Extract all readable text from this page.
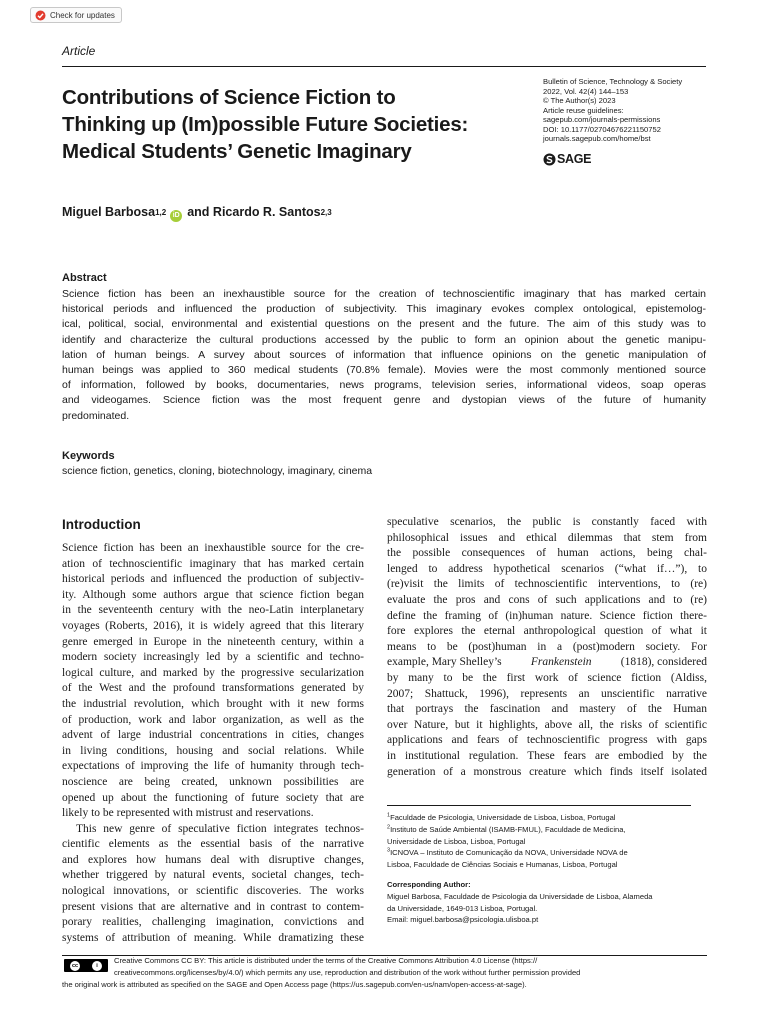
Check for updates
Article
Contributions of Science Fiction to
Thinking up (Im)possible Future Societies:
Medical Students’ Genetic Imaginary
Bulletin of Science, Technology & Society
2022, Vol. 42(4) 144–153
© The Author(s) 2023
Article reuse guidelines:
sagepub.com/journals-permissions
DOI: 10.1177/02704676221150752
journals.sagepub.com/home/bst
SAGE
Miguel Barbosa$^{1,2}$ iD and
Ricardo R. Santos$^{2,3}$
Abstract
Science fiction has been an inexhaustible source for the creation of technoscientific imaginary that has marked certain
historical periods and influenced the production of subjectivity. This imaginary evokes complex ontological, epistemolog-
ical, political, social, environmental and existential questions on the present and the future. The aim of this study was to
identify and characterize the cultural productions accessed by the public to form an opinion about the genetic manipu-
lation of human beings. A survey about sources of information that influence opinions on the genetic manipulation of
human beings was applied to 360 medical students (70.8% female). Movies were the most commonly mentioned source
of information, followed by books, documentaries, news programs, television series, informational videos, soap operas
and videogames. Science fiction was the most frequent genre and dystopian views of the future of humanity
predominated.
Keywords
science fiction, genetics, cloning, biotechnology, imaginary, cinema
Introduction
Science fiction has been an inexhaustible source for the cre-
ation of technoscientific imaginary that has marked certain
historical periods and influenced the production of subjectiv-
ity. Although some authors argue that science fiction began
in the seventeenth century with the neo-Latin interplanetary
voyages (Roberts, 2016), it is widely agreed that this literary
genre emerged in Europe in the nineteenth century, within a
modern society increasingly led by a scientific and techno-
logical culture, and marked by the progressive secularization
of the West and the profound transformations generated by
the industrial revolution, which brought with it new forms
of production, work and labor organization, as well as the
advent of large industrial concentrations in cities, changes
in living conditions, housing and social relations. While
expectations of improving the life of humanity through tech-
noscience are being created, unknown possibilities are
opened up about the functioning of future society that are
likely to be represented with mistrust and reservations.
This new genre of speculative fiction integrates technos-
cientific elements as the essential basis of the narrative
and explores how humans deal with disruptive changes,
whether triggered by natural events, societal changes, tech-
nological innovations, or scientific discoveries. The works
present visions that are alternative and in contrast to contem-
porary realities, challenging imagination, convictions and
systems of attribution of meaning. While dramatizing these
speculative scenarios, the public is constantly faced with
philosophical issues and ethical dilemmas that stem from
the possible consequences of human actions, being chal-
lenged to address hypothetical scenarios (“what if…”), to
(re)visit the limits of technoscientific interventions, to (re)
evaluate the pros and cons of such applications and to (re)
define the framing of (in)human nature. Science fiction there-
fore explores the eternal anthropological question of what it
means to be (post)human in a (post)modern society. For
example, Mary Shelley’s	Frankenstein	(1818), considered
by many to be the first work of science fiction (Aldiss,
2007; Shattuck, 1996), represents an unscientific narrative
that portrays the fascination and mastery of the Human
over Nature, but it highlights, above all, the risks of scientific
applications and fears of technoscientific progress with gaps
in institutional regulation. These fears are embodied by the
generation of a monstrous creature which finds itself isolated
$^1$Faculdade de Psicologia, Universidade de Lisboa, Lisboa, Portugal
$^2$Instituto de Saúde Ambiental (ISAMB-FMUL), Faculdade de Medicina,
Universidade de Lisboa, Lisboa, Portugal
$^3$ICNOVA – Instituto de Comunicação da NOVA, Universidade NOVA de
Lisboa, Faculdade de Ciências Sociais e Humanas, Lisboa, Portugal
Corresponding Author:
Miguel Barbosa, Faculdade de Psicologia da Universidade de Lisboa, Alameda
da Universidade, 1649-013 Lisboa, Portugal.
Email: miguel.barbosa@psicologia.ulisboa.pt
cc	i
Creative Commons CC BY: This article is distributed under the terms of the Creative Commons Attribution 4.0 License (https://
creativecommons.org/licenses/by/4.0/) which permits any use, reproduction and distribution of the work without further permission provided
the original work is attributed as specified on the SAGE and Open Access page (https://us.sagepub.com/en-us/nam/open-access-at-sage).
